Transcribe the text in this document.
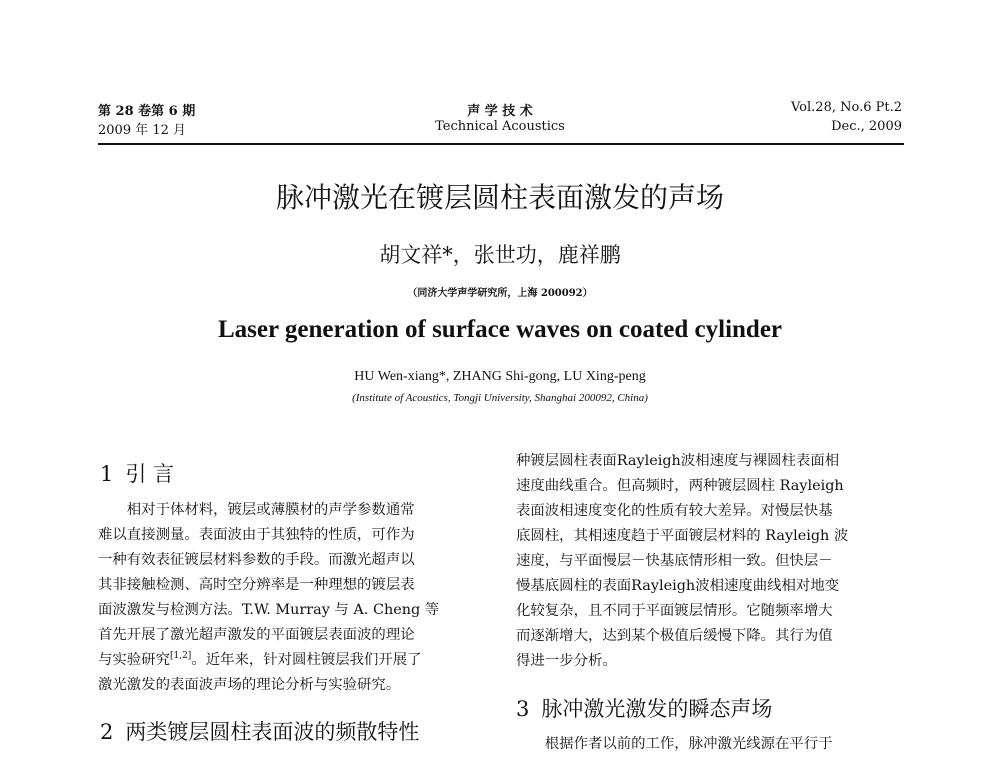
第 28 卷第 6 期
2009 年 12 月
声 学 技 术
Technical Acoustics
Vol.28, No.6 Pt.2
Dec., 2009
脉冲激光在镀层圆柱表面激发的声场
胡文祥*，张世功，鹿祥鹏
（同济大学声学研究所，上海 200092）
Laser generation of surface waves on coated cylinder
HU Wen-xiang*, ZHANG Shi-gong, LU Xing-peng
(Institute of Acoustics, Tongji University, Shanghai 200092, China)
1 引 言
　　相对于体材料，镀层或薄膜材的声学参数通常
难以直接测量。表面波由于其独特的性质，可作为
一种有效表征镀层材料参数的手段。而激光超声以
其非接触检测、高时空分辨率是一种理想的镀层表
面波激发与检测方法。T.W. Murray 与 A. Cheng 等
首先开展了激光超声激发的平面镀层表面波的理论
与实验研究[1,2]。近年来，针对圆柱镀层我们开展了
激光激发的表面波声场的理论分析与实验研究。
2 两类镀层圆柱表面波的频散特性
种镀层圆柱表面Rayleigh波相速度与裸圆柱表面相
速度曲线重合。但高频时，两种镀层圆柱 Rayleigh
表面波相速度变化的性质有较大差异。对慢层快基
底圆柱，其相速度趋于平面镀层材料的 Rayleigh 波
速度，与平面慢层－快基底情形相一致。但快层－
慢基底圆柱的表面Rayleigh波相速度曲线相对地变
化较复杂，且不同于平面镀层情形。它随频率增大
而逐渐增大，达到某个极值后缓慢下降。其行为值
得进一步分析。
3 脉冲激光激发的瞬态声场
　　根据作者以前的工作，脉冲激光线源在平行于
